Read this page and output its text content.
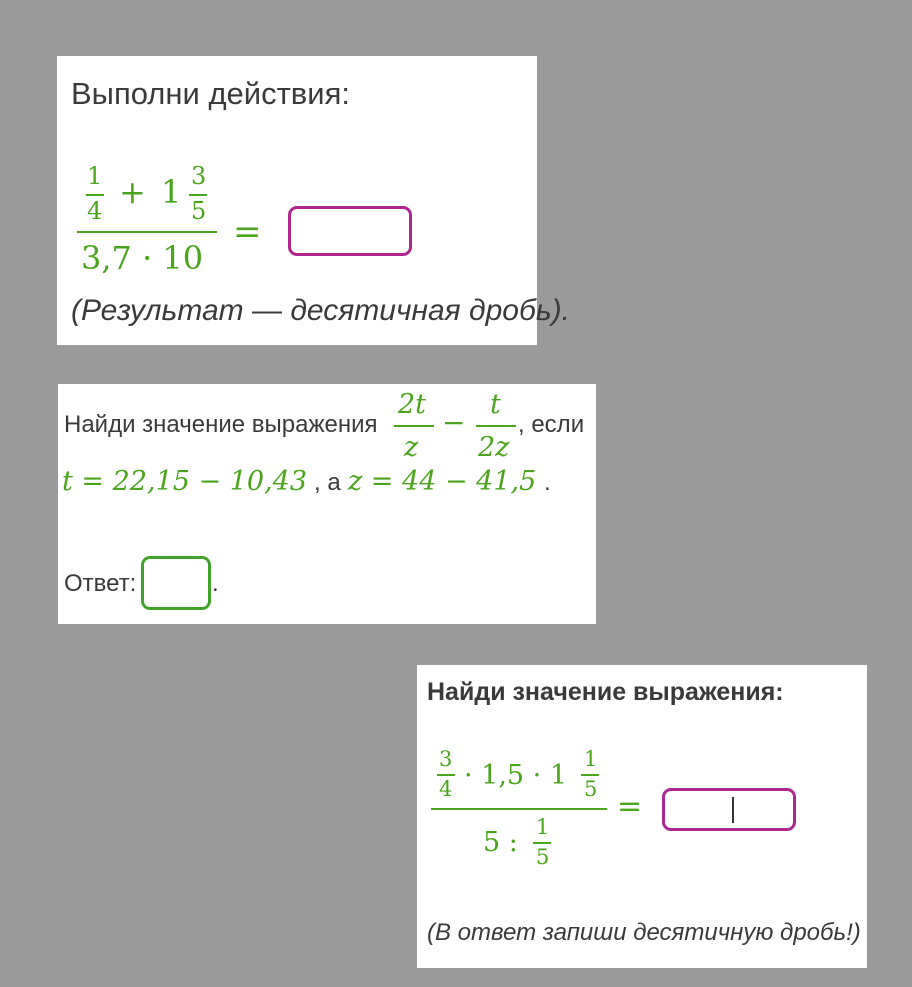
Выполни действия:
1
4 + 1 3
5
3,7 · 10
=
(Результат — десятичная дробь).
Найди значение выражения
2t
z
−
t
2z
, если
t = 22,15 − 10,43 , а z = 44 − 41,5 .
Ответ:	.
Найди значение выражения:
3
4 · 1,5 · 1
1
5
5 : 1
5
=
(В ответ запиши десятичную дробь!)
